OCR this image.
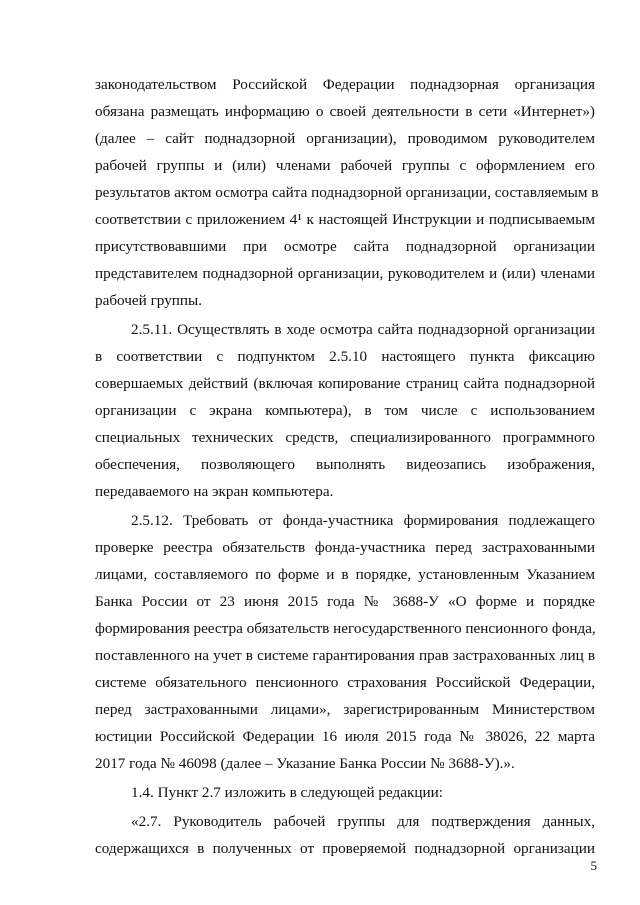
законодательством Российской Федерации поднадзорная организация
обязана размещать информацию о своей деятельности в сети «Интернет»)
(далее – сайт поднадзорной организации), проводимом руководителем
рабочей группы и (или) членами рабочей группы с оформлением его
результатов актом осмотра сайта поднадзорной организации, составляемым в
соответствии с приложением 4¹ к настоящей Инструкции и подписываемым
присутствовавшими при осмотре сайта поднадзорной организации
представителем поднадзорной организации, руководителем и (или) членами
рабочей группы.
2.5.11. Осуществлять в ходе осмотра сайта поднадзорной организации
в соответствии с подпунктом 2.5.10 настоящего пункта фиксацию
совершаемых действий (включая копирование страниц сайта поднадзорной
организации с экрана компьютера), в том числе с использованием
специальных технических средств, специализированного программного
обеспечения, позволяющего выполнять видеозапись изображения,
передаваемого на экран компьютера.
2.5.12. Требовать от фонда-участника формирования подлежащего
проверке реестра обязательств фонда-участника перед застрахованными
лицами, составляемого по форме и в порядке, установленным Указанием
Банка России от 23 июня 2015 года № 3688-У «О форме и порядке
формирования реестра обязательств негосударственного пенсионного фонда,
поставленного на учет в системе гарантирования прав застрахованных лиц в
системе обязательного пенсионного страхования Российской Федерации,
перед застрахованными лицами», зарегистрированным Министерством
юстиции Российской Федерации 16 июля 2015 года № 38026, 22 марта
2017 года № 46098 (далее – Указание Банка России № 3688-У).».
1.4. Пункт 2.7 изложить в следующей редакции:
«2.7. Руководитель рабочей группы для подтверждения данных,
содержащихся в полученных от проверяемой поднадзорной организации
5
